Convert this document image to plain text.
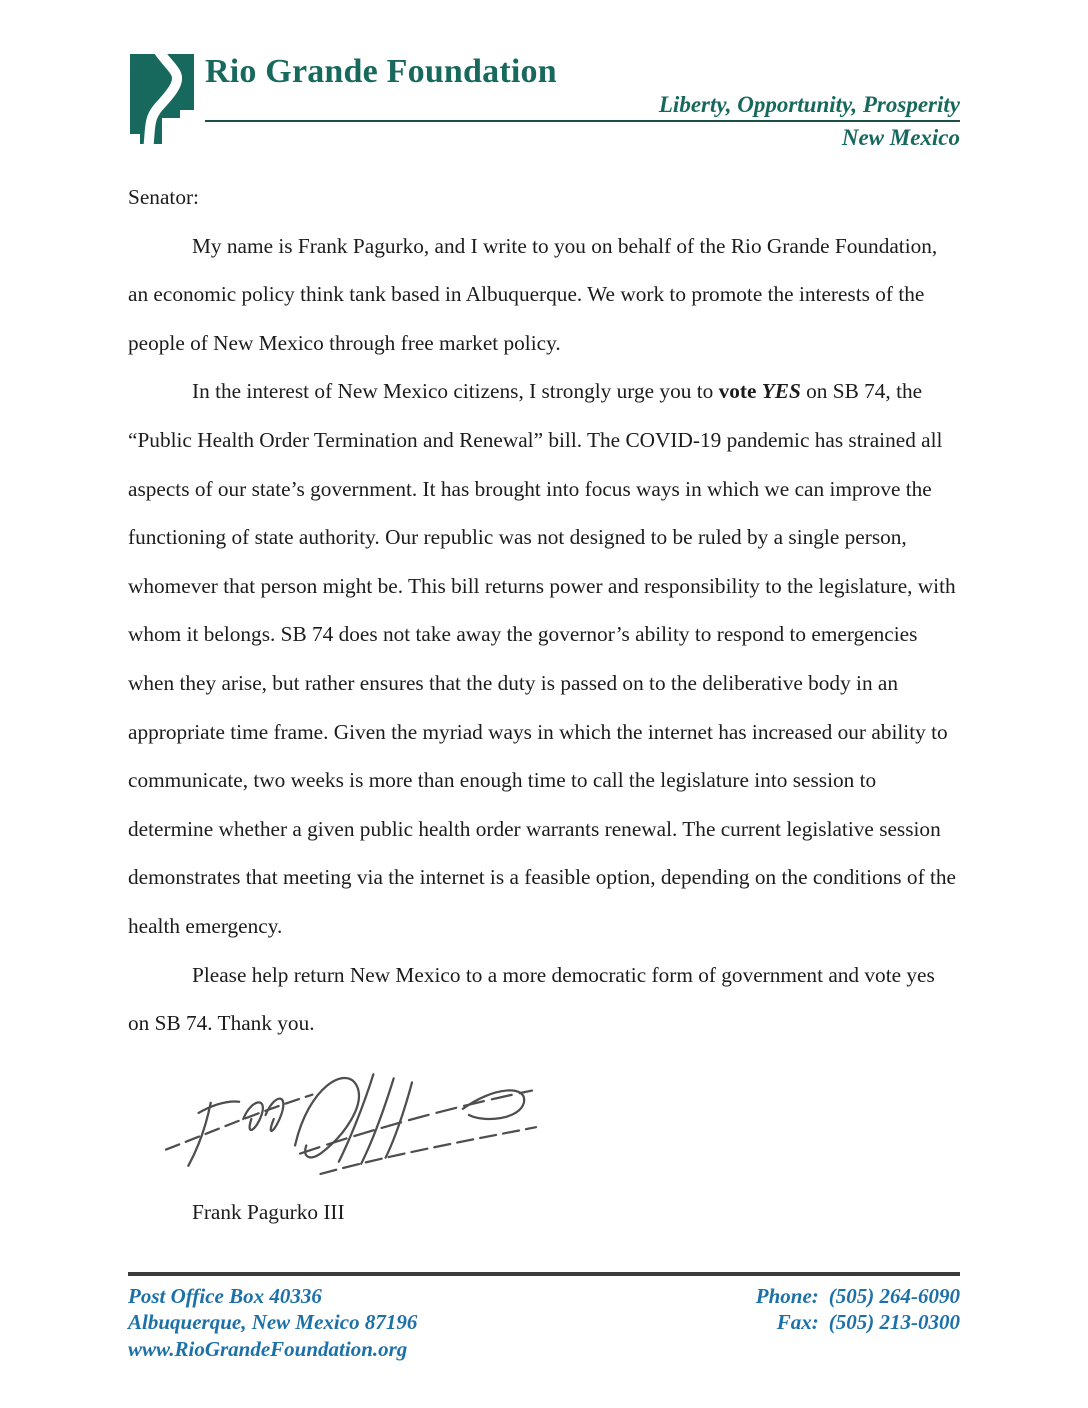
Rio Grande Foundation
Liberty, Opportunity, Prosperity
New Mexico

Senator:

My name is Frank Pagurko, and I write to you on behalf of the Rio Grande Foundation, an economic policy think tank based in Albuquerque. We work to promote the interests of the people of New Mexico through free market policy.

In the interest of New Mexico citizens, I strongly urge you to vote YES on SB 74, the “Public Health Order Termination and Renewal” bill. The COVID-19 pandemic has strained all aspects of our state’s government. It has brought into focus ways in which we can improve the functioning of state authority. Our republic was not designed to be ruled by a single person, whomever that person might be. This bill returns power and responsibility to the legislature, with whom it belongs. SB 74 does not take away the governor’s ability to respond to emergencies when they arise, but rather ensures that the duty is passed on to the deliberative body in an appropriate time frame. Given the myriad ways in which the internet has increased our ability to communicate, two weeks is more than enough time to call the legislature into session to determine whether a given public health order warrants renewal. The current legislative session demonstrates that meeting via the internet is a feasible option, depending on the conditions of the health emergency.

Please help return New Mexico to a more democratic form of government and vote yes on SB 74. Thank you.

Frank Pagurko III
Post Office Box 40336
Albuquerque, New Mexico 87196
www.RioGrandeFoundation.org
Phone: (505) 264-6090
Fax: (505) 213-0300
